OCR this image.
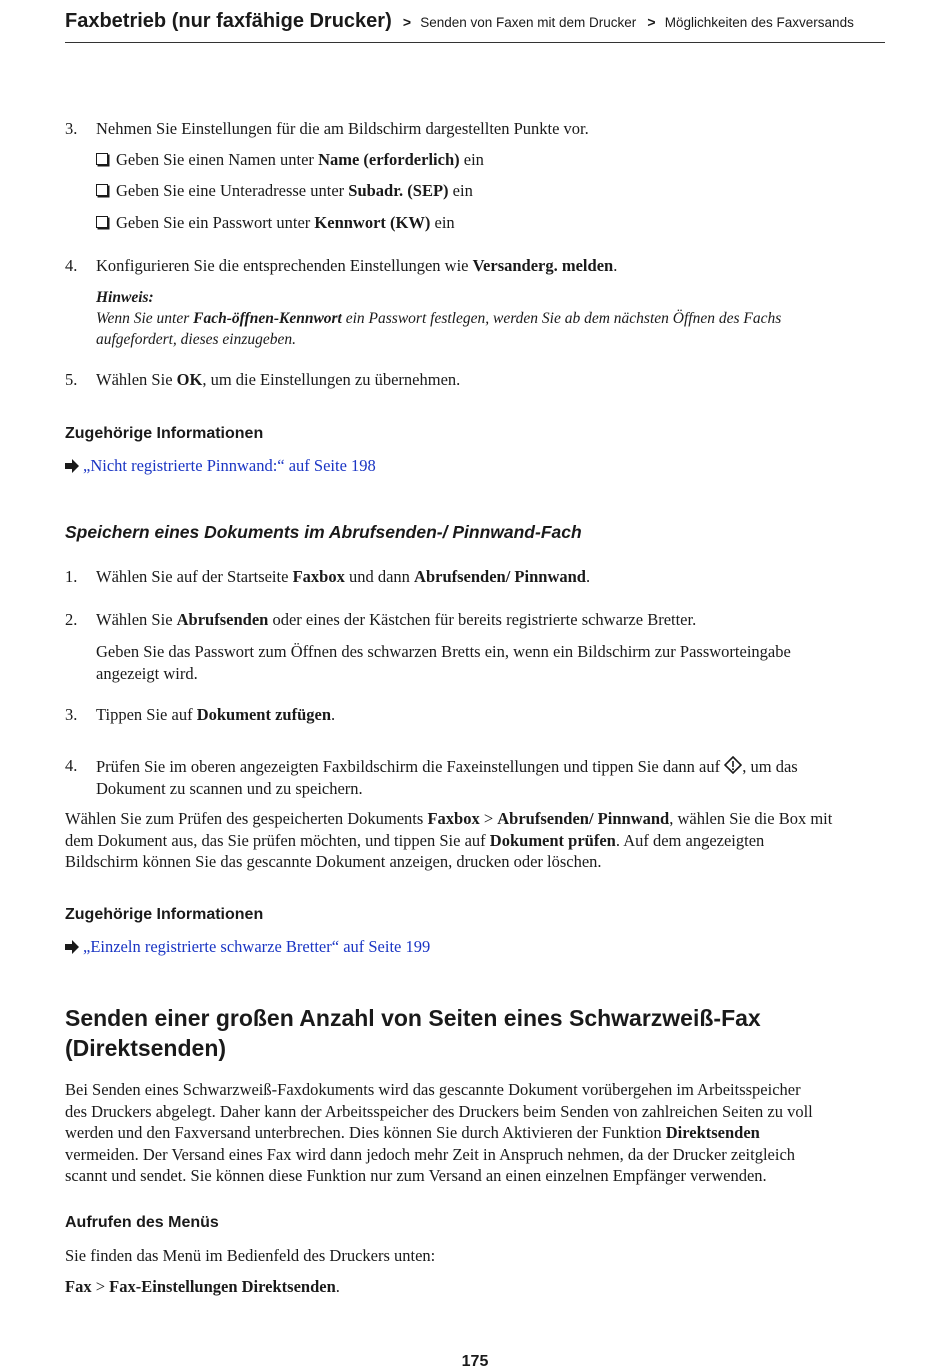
Faxbetrieb (nur faxfähige Drucker) > Senden von Faxen mit dem Drucker > Möglichkeiten des Faxversands
3. Nehmen Sie Einstellungen für die am Bildschirm dargestellten Punkte vor.
Geben Sie einen Namen unter Name (erforderlich) ein
Geben Sie eine Unteradresse unter Subadr. (SEP) ein
Geben Sie ein Passwort unter Kennwort (KW) ein
4. Konfigurieren Sie die entsprechenden Einstellungen wie Versanderg. melden.
Hinweis:
Wenn Sie unter Fach-öffnen-Kennwort ein Passwort festlegen, werden Sie ab dem nächsten Öffnen des Fachs
aufgefordert, dieses einzugeben.
5. Wählen Sie OK, um die Einstellungen zu übernehmen.
Zugehörige Informationen
„Nicht registrierte Pinnwand:“ auf Seite 198
Speichern eines Dokuments im Abrufsenden-/ Pinnwand-Fach
1. Wählen Sie auf der Startseite Faxbox und dann Abrufsenden/ Pinnwand.
2. Wählen Sie Abrufsenden oder eines der Kästchen für bereits registrierte schwarze Bretter.
Geben Sie das Passwort zum Öffnen des schwarzen Bretts ein, wenn ein Bildschirm zur Passworteingabe
angezeigt wird.
3. Tippen Sie auf Dokument zufügen.
4. Prüfen Sie im oberen angezeigten Faxbildschirm die Faxeinstellungen und tippen Sie dann auf , um das
Dokument zu scannen und zu speichern.
Wählen Sie zum Prüfen des gespeicherten Dokuments Faxbox > Abrufsenden/ Pinnwand, wählen Sie die Box mit
dem Dokument aus, das Sie prüfen möchten, und tippen Sie auf Dokument prüfen. Auf dem angezeigten
Bildschirm können Sie das gescannte Dokument anzeigen, drucken oder löschen.
Zugehörige Informationen
„Einzeln registrierte schwarze Bretter“ auf Seite 199
Senden einer großen Anzahl von Seiten eines Schwarzweiß-Fax
(Direktsenden)
Bei Senden eines Schwarzweiß-Faxdokuments wird das gescannte Dokument vorübergehen im Arbeitsspeicher
des Druckers abgelegt. Daher kann der Arbeitsspeicher des Druckers beim Senden von zahlreichen Seiten zu voll
werden und den Faxversand unterbrechen. Dies können Sie durch Aktivieren der Funktion Direktsenden
vermeiden. Der Versand eines Fax wird dann jedoch mehr Zeit in Anspruch nehmen, da der Drucker zeitgleich
scannt und sendet. Sie können diese Funktion nur zum Versand an einen einzelnen Empfänger verwenden.
Aufrufen des Menüs
Sie finden das Menü im Bedienfeld des Druckers unten:
Fax > Fax-Einstellungen Direktsenden.
175
